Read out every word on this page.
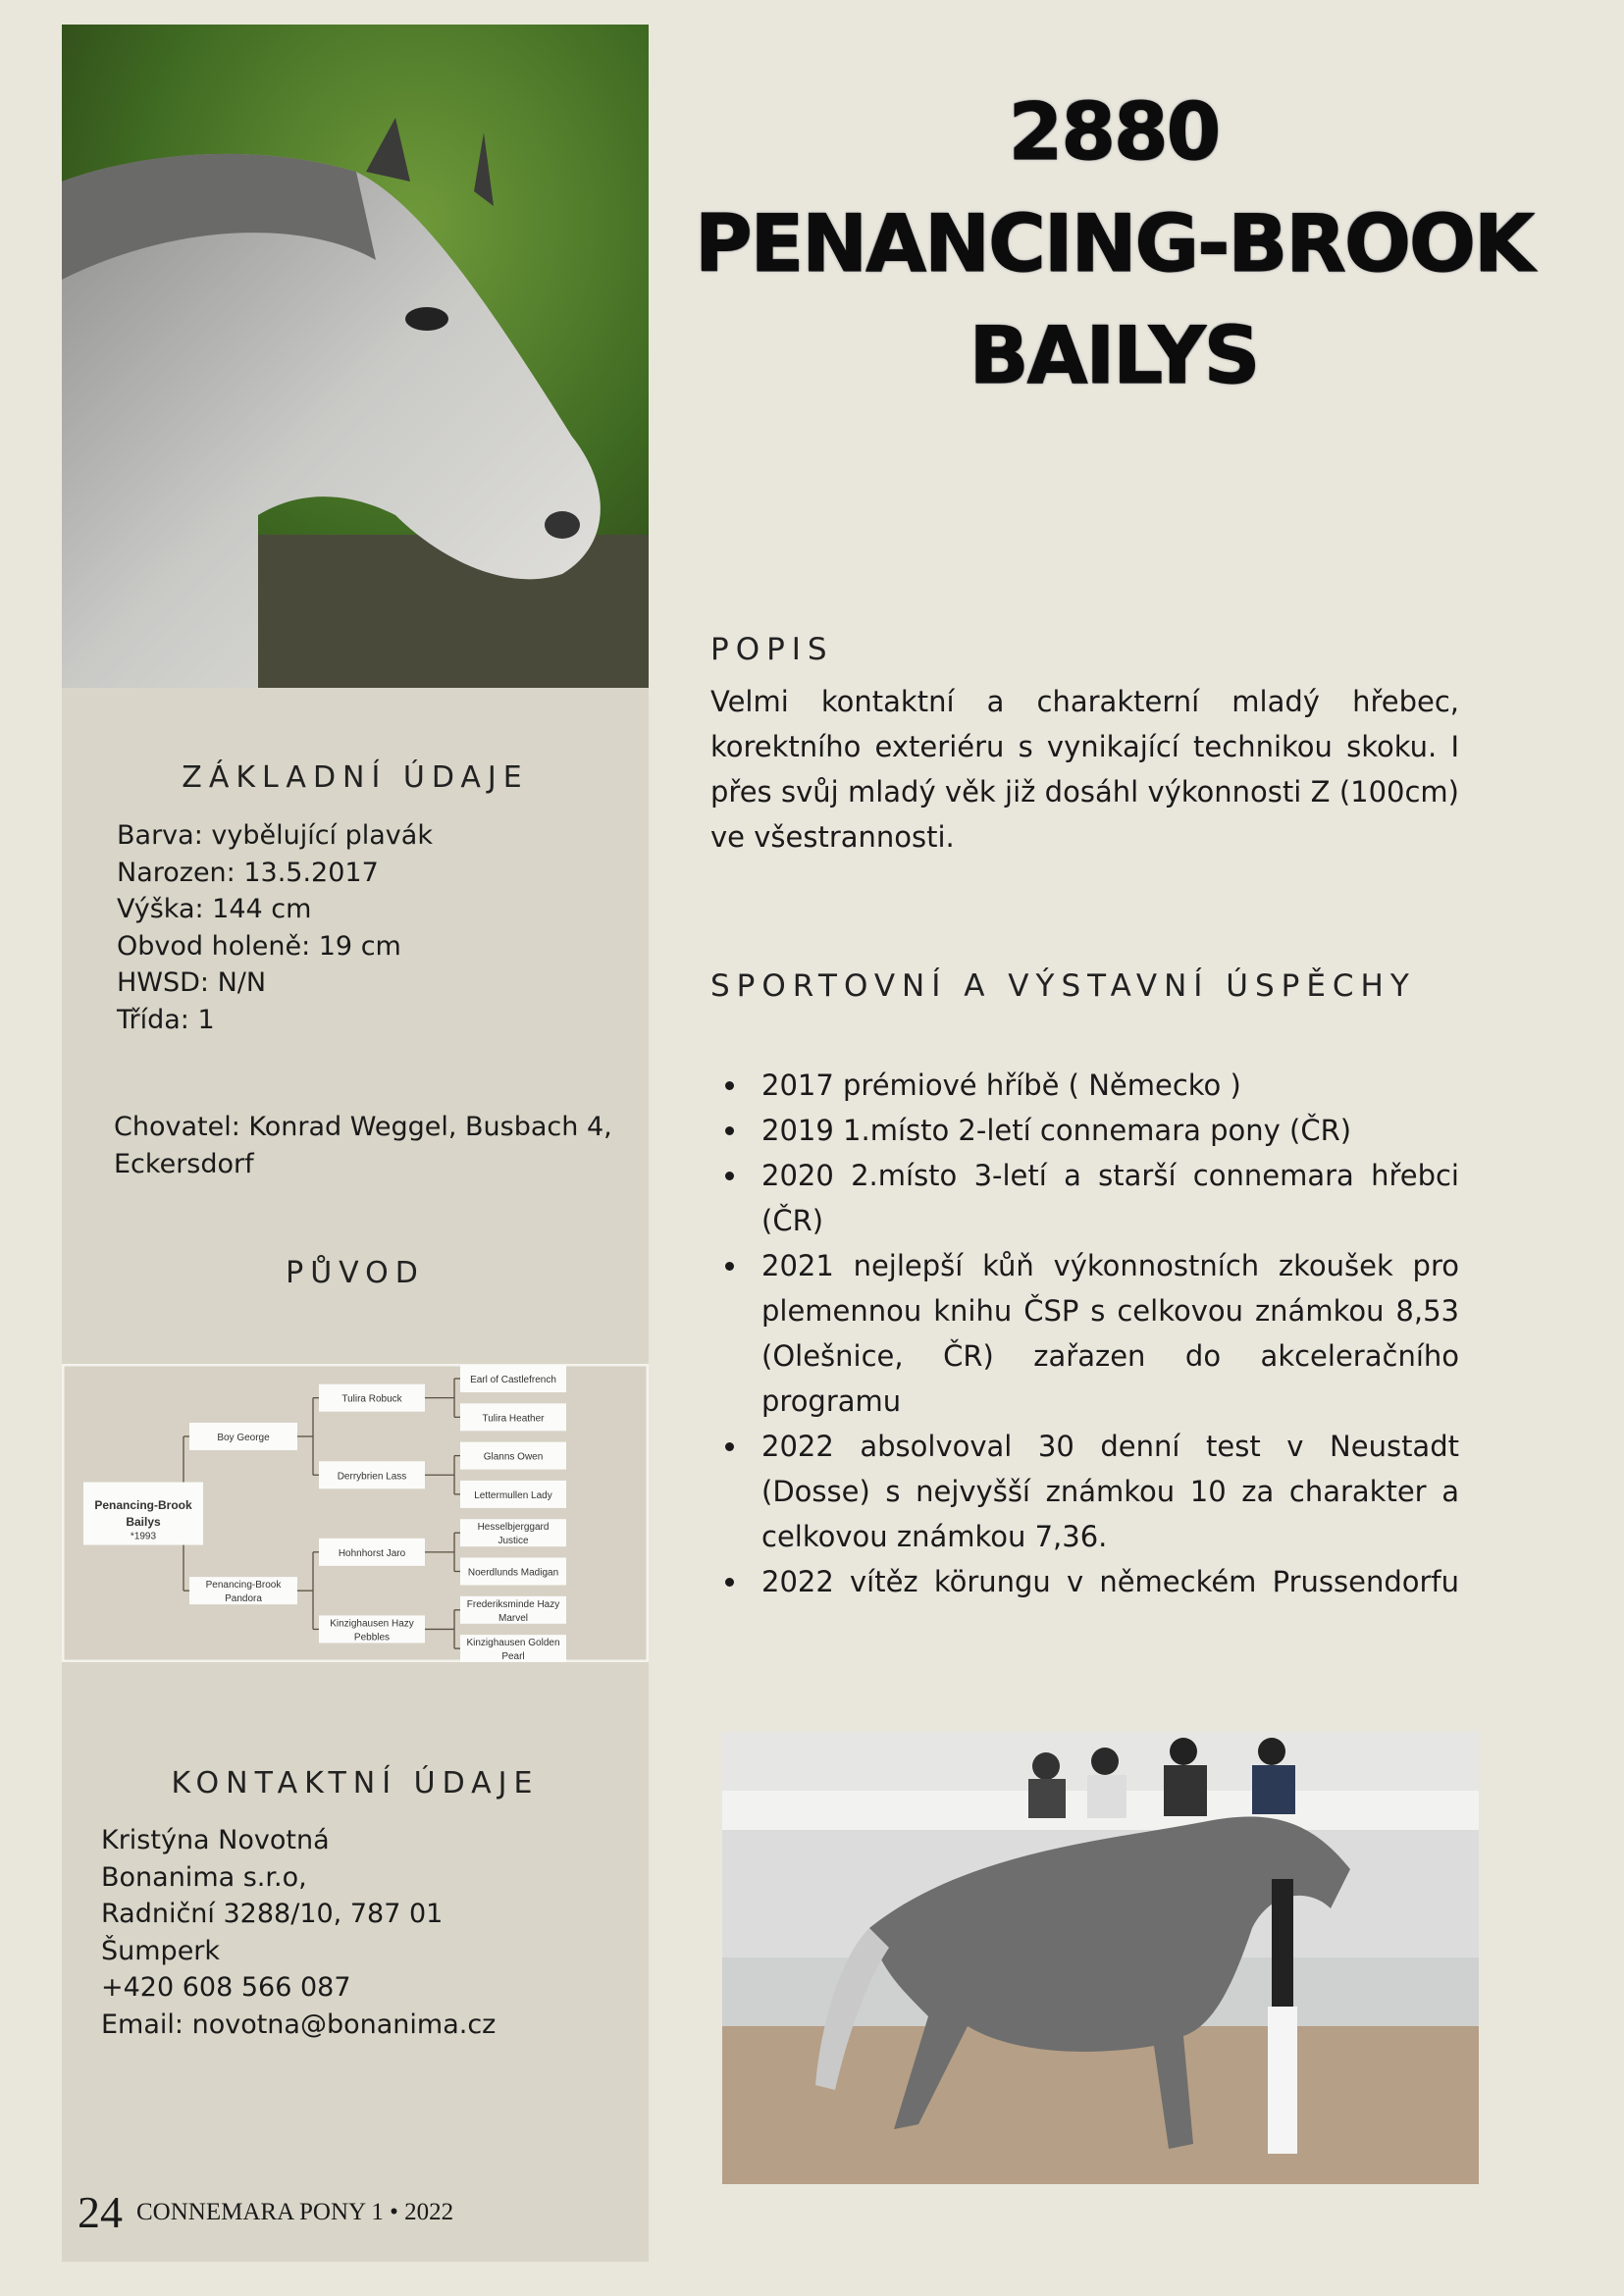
ZÁKLADNÍ ÚDAJE
Barva: vybělující plavák
Narozen: 13.5.2017
Výška: 144 cm
Obvod holeně: 19 cm
HWSD: N/N
Třída: 1
Chovatel: Konrad Weggel, Busbach 4,
Eckersdorf
PŮVOD
Penancing-Brook
Bailys
*1993
Boy George
Penancing-Brook
Pandora
Tulira Robuck
Derrybrien Lass
Hohnhorst Jaro
Kinzighausen Hazy
Pebbles
Earl of Castlefrench
Tulira Heather
Glanns Owen
Lettermullen Lady
Hesselbjerggard
Justice
Noerdlunds Madigan
Frederiksminde Hazy
Marvel
Kinzighausen Golden
Pearl
KONTAKTNÍ ÚDAJE
Kristýna Novotná
Bonanima s.r.o,
Radniční 3288/10, 787 01
Šumperk
+420 608 566 087
Email: novotna@bonanima.cz
24 CONNEMARA PONY 1 • 2022
2880
PENANCING-BROOK
BAILYS
POPIS
Velmi kontaktní a charakterní mladý hřebec, korektního exteriéru s vynikající technikou skoku. I přes svůj mladý věk již dosáhl výkonnosti Z (100cm) ve všestrannosti.
SPORTOVNÍ A VÝSTAVNÍ ÚSPĚCHY
2017 prémiové hříbě ( Německo )
2019 1.místo 2-letí connemara pony (ČR)
2020 2.místo 3-letí a starší connemara hřebci (ČR)
2021 nejlepší kůň výkonnostních zkoušek pro plemennou knihu ČSP s celkovou známkou 8,53 (Olešnice, ČR) zařazen do akceleračního programu
2022 absolvoval 30 denní test v Neustadt (Dosse) s nejvyšší známkou 10 za charakter a celkovou známkou 7,36.
2022 vítěz körungu v německém Prussendorfu
